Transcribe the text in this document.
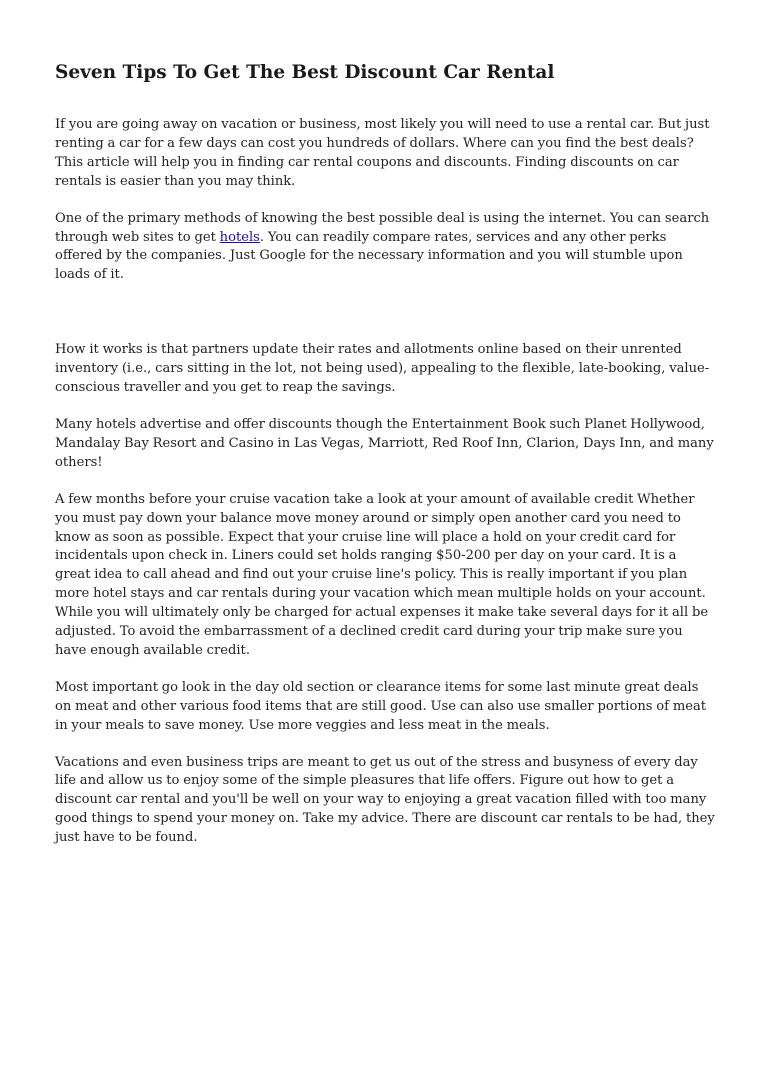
Seven Tips To Get The Best Discount Car Rental

If you are going away on vacation or business, most likely you will need to use a rental car. But just renting a car for a few days can cost you hundreds of dollars. Where can you find the best deals? This article will help you in finding car rental coupons and discounts. Finding discounts on car rentals is easier than you may think.

One of the primary methods of knowing the best possible deal is using the internet. You can search through web sites to get hotels. You can readily compare rates, services and any other perks offered by the companies. Just Google for the necessary information and you will stumble upon loads of it.

How it works is that partners update their rates and allotments online based on their unrented inventory (i.e., cars sitting in the lot, not being used), appealing to the flexible, late-booking, value-conscious traveller and you get to reap the savings.

Many hotels advertise and offer discounts though the Entertainment Book such Planet Hollywood, Mandalay Bay Resort and Casino in Las Vegas, Marriott, Red Roof Inn, Clarion, Days Inn, and many others!

A few months before your cruise vacation take a look at your amount of available credit Whether you must pay down your balance move money around or simply open another card you need to know as soon as possible. Expect that your cruise line will place a hold on your credit card for incidentals upon check in. Liners could set holds ranging $50-200 per day on your card. It is a great idea to call ahead and find out your cruise line's policy. This is really important if you plan more hotel stays and car rentals during your vacation which mean multiple holds on your account. While you will ultimately only be charged for actual expenses it make take several days for it all be adjusted. To avoid the embarrassment of a declined credit card during your trip make sure you have enough available credit.

Most important go look in the day old section or clearance items for some last minute great deals on meat and other various food items that are still good. Use can also use smaller portions of meat in your meals to save money. Use more veggies and less meat in the meals.

Vacations and even business trips are meant to get us out of the stress and busyness of every day life and allow us to enjoy some of the simple pleasures that life offers. Figure out how to get a discount car rental and you'll be well on your way to enjoying a great vacation filled with too many good things to spend your money on. Take my advice. There are discount car rentals to be had, they just have to be found.
